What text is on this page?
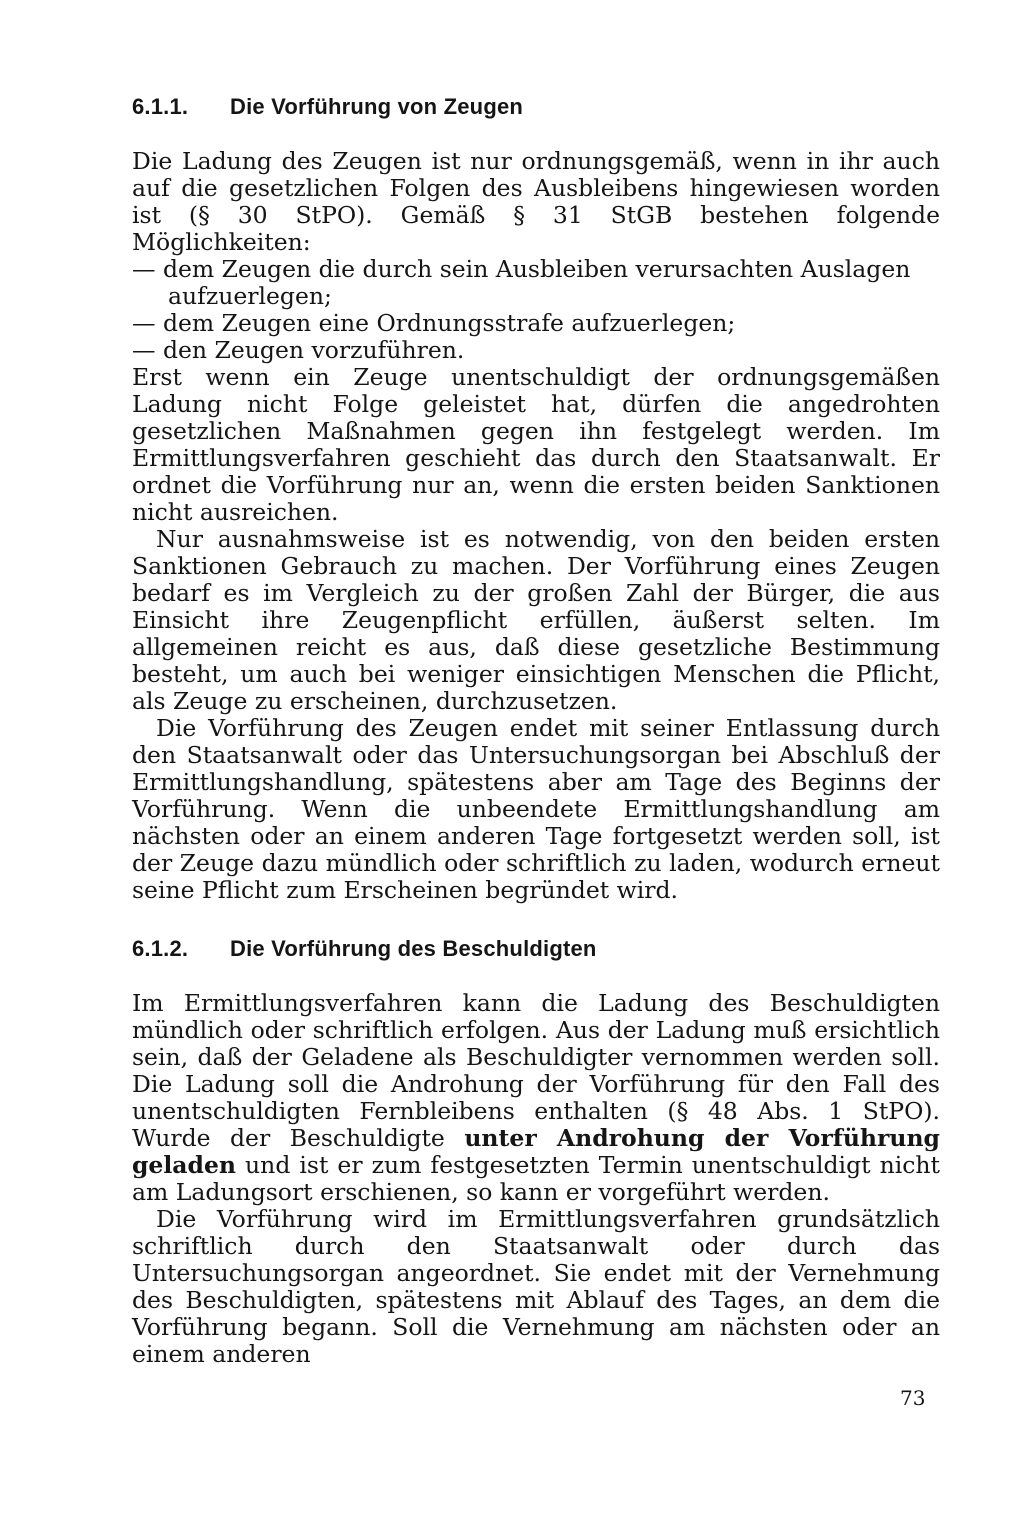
6.1.1. Die Vorführung von Zeugen

Die Ladung des Zeugen ist nur ordnungsgemäß, wenn in ihr auch auf die gesetzlichen Folgen des Ausbleibens hingewiesen worden ist (§ 30 StPO). Gemäß § 31 StGB bestehen folgende Möglichkeiten:

— dem Zeugen die durch sein Ausbleiben verursachten Auslagen aufzuerlegen;
— dem Zeugen eine Ordnungsstrafe aufzuerlegen;
— den Zeugen vorzuführen.

Erst wenn ein Zeuge unentschuldigt der ordnungsgemäßen Ladung nicht Folge geleistet hat, dürfen die angedrohten gesetzlichen Maßnahmen gegen ihn festgelegt werden. Im Ermittlungsverfahren geschieht das durch den Staatsanwalt. Er ordnet die Vorführung nur an, wenn die ersten beiden Sanktionen nicht ausreichen.

Nur ausnahmsweise ist es notwendig, von den beiden ersten Sanktionen Gebrauch zu machen. Der Vorführung eines Zeugen bedarf es im Vergleich zu der großen Zahl der Bürger, die aus Einsicht ihre Zeugenpflicht erfüllen, äußerst selten. Im allgemeinen reicht es aus, daß diese gesetzliche Bestimmung besteht, um auch bei weniger einsichtigen Menschen die Pflicht, als Zeuge zu erscheinen, durchzusetzen.

Die Vorführung des Zeugen endet mit seiner Entlassung durch den Staatsanwalt oder das Untersuchungsorgan bei Abschluß der Ermittlungshandlung, spätestens aber am Tage des Beginns der Vorführung. Wenn die unbeendete Ermittlungshandlung am nächsten oder an einem anderen Tage fortgesetzt werden soll, ist der Zeuge dazu mündlich oder schriftlich zu laden, wodurch erneut seine Pflicht zum Erscheinen begründet wird.

6.1.2. Die Vorführung des Beschuldigten

Im Ermittlungsverfahren kann die Ladung des Beschuldigten mündlich oder schriftlich erfolgen. Aus der Ladung muß ersichtlich sein, daß der Geladene als Beschuldigter vernommen werden soll. Die Ladung soll die Androhung der Vorführung für den Fall des unentschuldigten Fernbleibens enthalten (§ 48 Abs. 1 StPO). Wurde der Beschuldigte unter Androhung der Vorführung geladen und ist er zum festgesetzten Termin unentschuldigt nicht am Ladungsort erschienen, so kann er vorgeführt werden.

Die Vorführung wird im Ermittlungsverfahren grundsätzlich schriftlich durch den Staatsanwalt oder durch das Untersuchungsorgan angeordnet. Sie endet mit der Vernehmung des Beschuldigten, spätestens mit Ablauf des Tages, an dem die Vorführung begann. Soll die Vernehmung am nächsten oder an einem anderen

73
